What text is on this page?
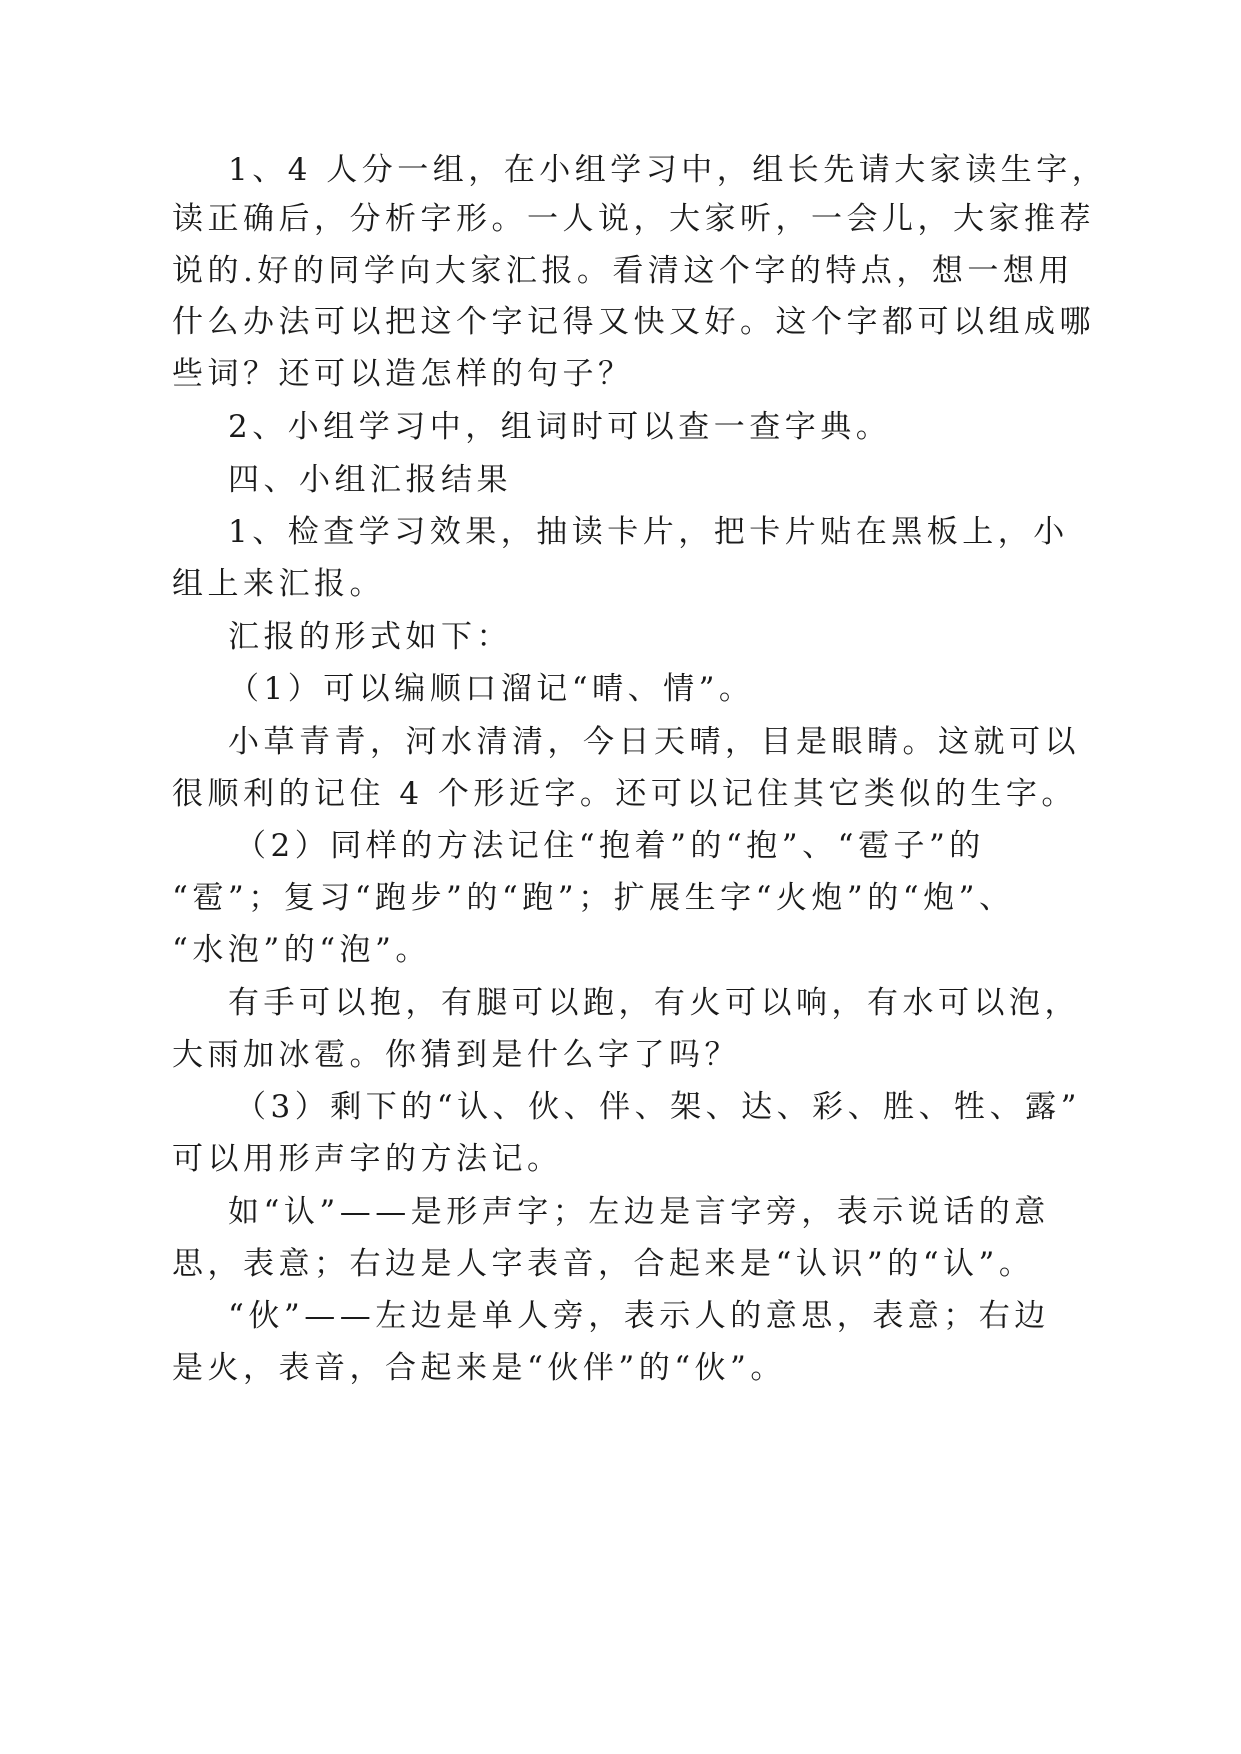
1、4 人分一组，在小组学习中，组长先请大家读生字，
读正确后，分析字形。一人说，大家听，一会儿，大家推荐
说的.好的同学向大家汇报。看清这个字的特点，想一想用
什么办法可以把这个字记得又快又好。这个字都可以组成哪
些词？还可以造怎样的句子？
2、小组学习中，组词时可以查一查字典。
四、小组汇报结果
1、检查学习效果，抽读卡片，把卡片贴在黑板上，小
组上来汇报。
汇报的形式如下：
（1）可以编顺口溜记“晴、情”。
小草青青，河水清清，今日天晴，目是眼睛。这就可以
很顺利的记住 4 个形近字。还可以记住其它类似的生字。
（2）同样的方法记住“抱着”的“抱”、“雹子”的
“雹”；复习“跑步”的“跑”；扩展生字“火炮”的“炮”、
“水泡”的“泡”。
有手可以抱，有腿可以跑，有火可以响，有水可以泡，
大雨加冰雹。你猜到是什么字了吗？
（3）剩下的“认、伙、伴、架、达、彩、胜、牲、露”
可以用形声字的方法记。
如“认”——是形声字；左边是言字旁，表示说话的意
思，表意；右边是人字表音，合起来是“认识”的“认”。
“伙”——左边是单人旁，表示人的意思，表意；右边
是火，表音，合起来是“伙伴”的“伙”。
